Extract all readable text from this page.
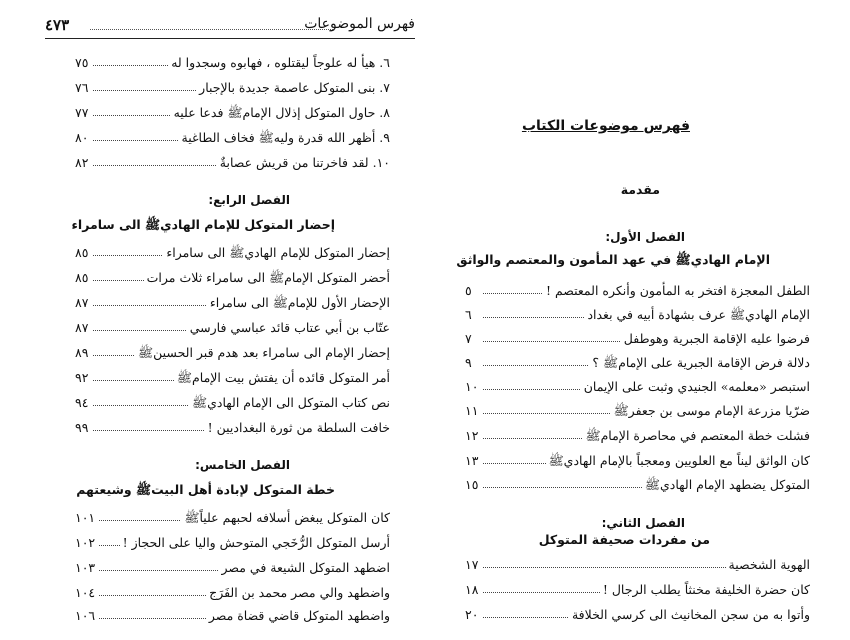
فهرس الموضوعات
٤٧٣
٦. هيأ له علوجاً ليقتلوه ، فهابوه وسجدوا له
٧٥
٧. بنى المتوكل عاصمة جديدة بالإجبار
٧٦
٨. حاول المتوكل إذلال الإمامﷺ فدعا عليه
٧٧
٩. أظهر الله قدرة وليهﷺ فخاف الطاغية
٨٠
١٠. لقد فاخرتنا من قريش عصابةٌ
٨٢
الفصل الرابع:
إحضار المتوكل للإمام الهاديﷺ الى سامراء
إحضار المتوكل للإمام الهاديﷺ الى سامراء
٨٥
أحضر المتوكل الإمامﷺ الى سامراء ثلاث مرات
٨٥
الإحضار الأول للإمامﷺ الى سامراء
٨٧
عتّاب بن أبي عتاب قائد عباسي فارسي
٨٧
إحضار الإمام الى سامراء بعد هدم قبر الحسينﷺ
٨٩
أمر المتوكل قائده أن يفتش بيت الإمامﷺ
٩٢
نص كتاب المتوكل الى الإمام الهاديﷺ
٩٤
خافت السلطة من ثورة البغداديين !
٩٩
الفصل الخامس:
خطة المتوكل لإبادة أهل البيتﷺ وشيعتهم
كان المتوكل يبغض أسلافه لحبهم علياًﷺ
١٠١
أرسل المتوكل الرُّخَجي المتوحش واليا على الحجاز !
١٠٢
اضطهد المتوكل الشيعة في مصر
١٠٣
واضطهد والي مصر محمد بن الفَرَج
١٠٤
واضطهد المتوكل قاضي قضاة مصر
١٠٦
فهرس موضوعات الكتاب
مقدمة
الفصل الأول:
الإمام الهاديﷺ في عهد المأمون والمعتصم والواثق
الطفل المعجزة افتخر به المأمون وأنكره المعتصم !
٥
الإمام الهاديﷺ عرف بشهادة أبيه في بغداد
٦
فرضوا عليه الإقامة الجبرية وهوطفل
٧
دلالة فرض الإقامة الجبرية على الإمامﷺ ؟
٩
استبصر «معلمه» الجنيدي وثبت على الإيمان
١٠
ضرّيا مزرعة الإمام موسى بن جعفرﷺ
١١
فشلت خطة المعتصم في محاصرة الإمامﷺ
١٢
كان الواثق ليناً مع العلويين ومعجباً بالإمام الهاديﷺ
١٣
المتوكل يضطهد الإمام الهاديﷺ
١٥
الفصل الثاني:
من مفردات صحيفة المتوكل
الهوية الشخصية
١٧
كان حضرة الخليفة مخنثاً يطلب الرجال !
١٨
وأتوا به من سجن المخانيث الى كرسي الخلافة
٢٠
